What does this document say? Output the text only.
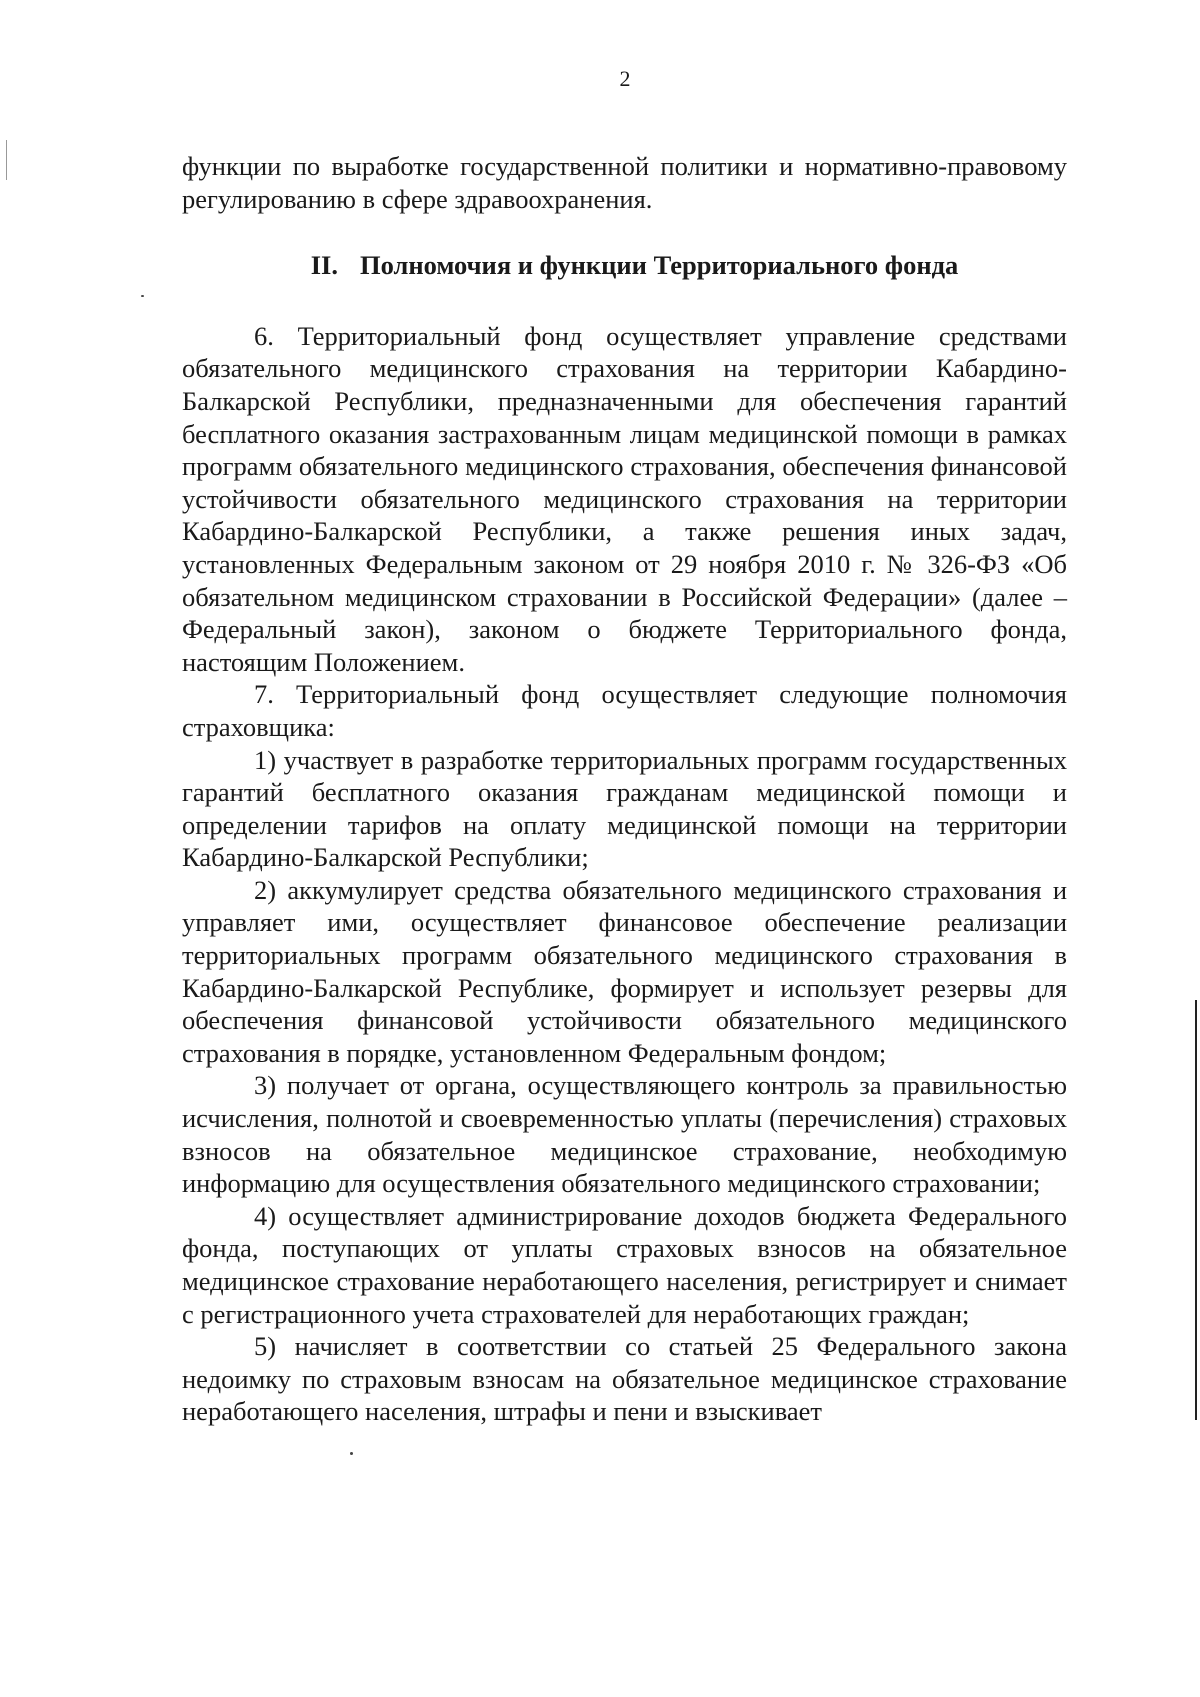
2

функции по выработке государственной политики и нормативно-правовому регулированию в сфере здравоохранения.

II. Полномочия и функции Территориального фонда

6. Территориальный фонд осуществляет управление средствами обязательного медицинского страхования на территории Кабардино-Балкарской Республики, предназначенными для обеспечения гарантий бесплатного оказания застрахованным лицам медицинской помощи в рамках программ обязательного медицинского страхования, обеспечения финансовой устойчивости обязательного медицинского страхования на территории Кабардино-Балкарской Республики, а также решения иных задач, установленных Федеральным законом от 29 ноября 2010 г. № 326-ФЗ «Об обязательном медицинском страховании в Российской Федерации» (далее – Федеральный закон), законом о бюджете Территориального фонда, настоящим Положением.

7. Территориальный фонд осуществляет следующие полномочия страховщика:

1) участвует в разработке территориальных программ государственных гарантий бесплатного оказания гражданам медицинской помощи и определении тарифов на оплату медицинской помощи на территории Кабардино-Балкарской Республики;

2) аккумулирует средства обязательного медицинского страхования и управляет ими, осуществляет финансовое обеспечение реализации территориальных программ обязательного медицинского страхования в Кабардино-Балкарской Республике, формирует и использует резервы для обеспечения финансовой устойчивости обязательного медицинского страхования в порядке, установленном Федеральным фондом;

3) получает от органа, осуществляющего контроль за правильностью исчисления, полнотой и своевременностью уплаты (перечисления) страховых взносов на обязательное медицинское страхование, необходимую информацию для осуществления обязательного медицинского страховании;

4) осуществляет администрирование доходов бюджета Федерального фонда, поступающих от уплаты страховых взносов на обязательное медицинское страхование неработающего населения, регистрирует и снимает с регистрационного учета страхователей для неработающих граждан;

5) начисляет в соответствии со статьей 25 Федерального закона недоимку по страховым взносам на обязательное медицинское страхование неработающего населения, штрафы и пени и взыскивает
